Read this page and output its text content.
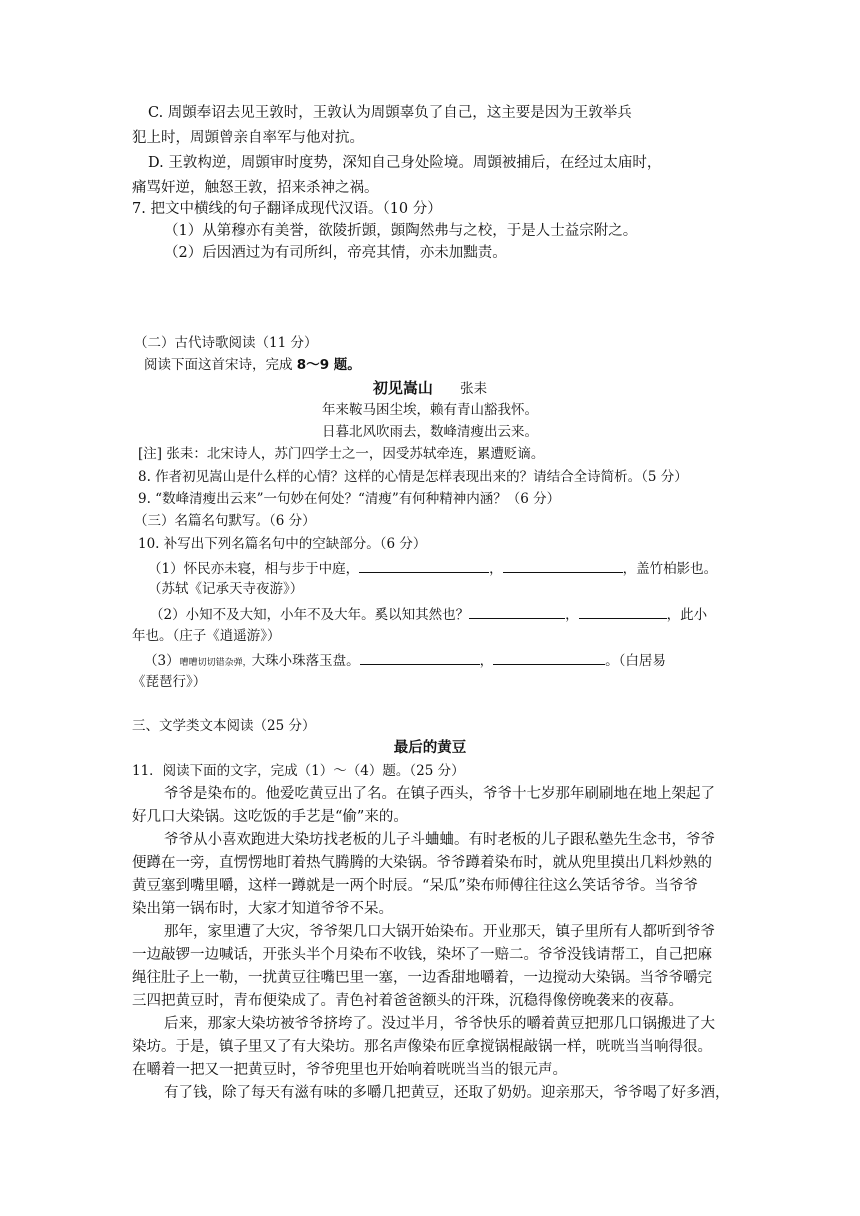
C. 周顗奉诏去见王敦时，王敦认为周顗辜负了自己，这主要是因为王敦举兵
犯上时，周顗曾亲自率军与他对抗。
D. 王敦构逆，周顗审时度势，深知自己身处险境。周顗被捕后，在经过太庙时，
痛骂奸逆，触怒王敦，招来杀神之祸。
7. 把文中横线的句子翻译成现代汉语。（10 分）
（1）从第穆亦有美誉，欲陵折顗，顗陶然弗与之校，于是人士益宗附之。
（2）后因酒过为有司所纠，帝亮其情，亦未加黜责。
（二）古代诗歌阅读（11 分）
阅读下面这首宋诗，完成 8～9 题。
初见嵩山 张耒
年来鞍马困尘埃，赖有青山豁我怀。
日暮北风吹雨去，数峰清瘦出云来。
[注] 张耒：北宋诗人，苏门四学士之一，因受苏轼牵连，累遭贬谪。
8. 作者初见嵩山是什么样的心情？这样的心情是怎样表现出来的？请结合全诗简析。（5 分）
9. “数峰清瘦出云来”一句妙在何处？“清瘦”有何种精神内涵？（6 分）
（三）名篇名句默写。（6 分）
10. 补写出下列名篇名句中的空缺部分。（6 分）
（1）怀民亦未寝，相与步于中庭，	，	，盖竹柏影也。
（苏轼《记承天寺夜游》）
（2）小知不及大知，小年不及大年。奚以知其然也？	，	，此小
年也。（庄子《逍遥游》）
（3）嘈嘈切切错杂弹，大珠小珠落玉盘。	，	。（白居易
《琵琶行》）
三、文学类文本阅读（25 分）
最后的黄豆
11．阅读下面的文字，完成（1）～（4）题。（25 分）
爷爷是染布的。他爱吃黄豆出了名。在镇子西头，爷爷十七岁那年刷刷地在地上架起了
好几口大染锅。这吃饭的手艺是“偷”来的。
爷爷从小喜欢跑进大染坊找老板的儿子斗蛐蛐。有时老板的儿子跟私塾先生念书，爷爷
便蹲在一旁，直愣愣地盯着热气腾腾的大染锅。爷爷蹲着染布时，就从兜里摸出几料炒熟的
黄豆塞到嘴里嚼，这样一蹲就是一两个时辰。“呆瓜”染布师傅往往这么笑话爷爷。当爷爷
染出第一锅布时，大家才知道爷爷不呆。
那年，家里遭了大灾，爷爷架几口大锅开始染布。开业那天，镇子里所有人都听到爷爷
一边敲锣一边喊话，开张头半个月染布不收钱，染坏了一赔二。爷爷没钱请帮工，自己把麻
绳往肚子上一勒，一扰黄豆往嘴巴里一塞，一边香甜地嚼着，一边搅动大染锅。当爷爷嚼完
三四把黄豆时，青布便染成了。青色衬着爸爸额头的汗珠，沉稳得像傍晚袭来的夜幕。
后来，那家大染坊被爷爷挤垮了。没过半月，爷爷快乐的嚼着黄豆把那几口锅搬进了大
染坊。于是，镇子里又了有大染坊。那名声像染布匠拿搅锅棍敲锅一样，咣咣当当响得很。
在嚼着一把又一把黄豆时，爷爷兜里也开始响着咣咣当当的银元声。
有了钱，除了每天有滋有味的多嚼几把黄豆，还取了奶奶。迎亲那天，爷爷喝了好多酒，
